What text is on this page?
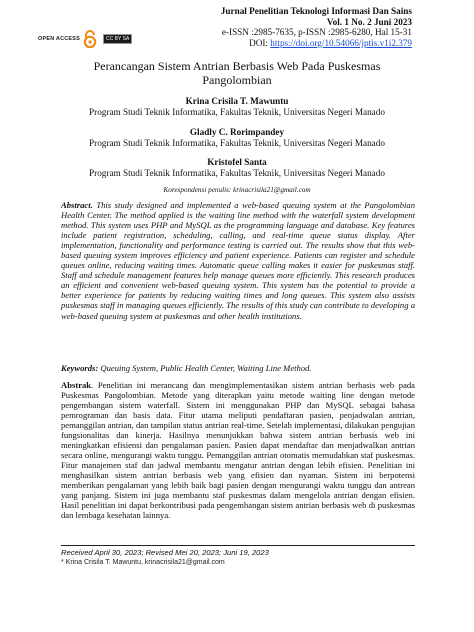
Jurnal Penelitian Teknologi Informasi Dan Sains
Vol. 1 No. 2 Juni 2023
e-ISSN :2985-7635, p-ISSN :2985-6280, Hal 15-31
DOI: https://doi.org/10.54066/jptis.v1i2.379
OPEN ACCESS	CC BY SA
Perancangan Sistem Antrian Berbasis Web Pada Puskesmas
Pangolombian
Krina Crisila T. Mawuntu
Program Studi Teknik Informatika, Fakultas Teknik, Universitas Negeri Manado
Gladly C. Rorimpandey
Program Studi Teknik Informatika, Fakultas Teknik, Universitas Negeri Manado
Kristofel Santa
Program Studi Teknik Informatika, Fakultas Teknik, Universitas Negeri Manado
Korespondensi penulis: krinacrisila21@gmail.com
Abstract. This study designed and implemented a web-based queuing system at the Pangolombian Health Center. The method applied is the waiting line method with the waterfall system development method. This system uses PHP and MySQL as the programming language and database. Key features include patient registration, scheduling, calling, and real-time queue status display. After implementation, functionality and performance testing is carried out. The results show that this web-based queuing system improves efficiency and patient experience. Patients can register and schedule queues online, reducing waiting times. Automatic queue calling makes it easier for puskesmas staff. Staff and schedule management features help manage queues more efficiently. This research produces an efficient and convenient web-based queuing system. This system has the potential to provide a better experience for patients by reducing waiting times and long queues. This system also assists puskesmas staff in managing queues efficiently. The results of this study can contribute to developing a web-based queuing system at puskesmas and other health institutions.
Keywords: Queuing System, Public Health Center, Waiting Line Method.
Abstrak. Penelitian ini merancang dan mengimplementasikan sistem antrian berbasis web pada Puskesmas Pangolombian. Metode yang diterapkan yaitu metode waiting line dengan metode pengembangan sistem waterfall. Sistem ini menggunakan PHP dan MySQL sebagai bahasa pemrograman dan basis data. Fitur utama meliputi pendaftaran pasien, penjadwalan antrian, pemanggilan antrian, dan tampilan status antrian real-time. Setelah implementasi, dilakukan pengujian fungsionalitas dan kinerja. Hasilnya menunjukkan bahwa sistem antrian berbasis web ini meningkatkan efisiensi dan pengalaman pasien. Pasien dapat mendaftar dan menjadwalkan antrian secara online, mengurangi waktu tunggu. Pemanggilan antrian otomatis memudahkan staf puskesmas. Fitur manajemen staf dan jadwal membantu mengatur antrian dengan lebih efisien. Penelitian ini menghasilkan sistem antrian berbasis web yang efisien dan nyaman. Sistem ini berpotensi memberikan pengalaman yang lebih baik bagi pasien dengan mengurangi waktu tunggu dan antrean yang panjang. Sistem ini juga membantu staf puskesmas dalam mengelola antrian dengan efisien. Hasil penelitian ini dapat berkontribusi pada pengembangan sistem antrian berbasis web di puskesmas dan lembaga kesehatan lainnya.
Received April 30, 2023; Revised Mei 20, 2023; Juni 19, 2023
* Krina Crisila T. Mawuntu, krinacrisila21@gmail.com
